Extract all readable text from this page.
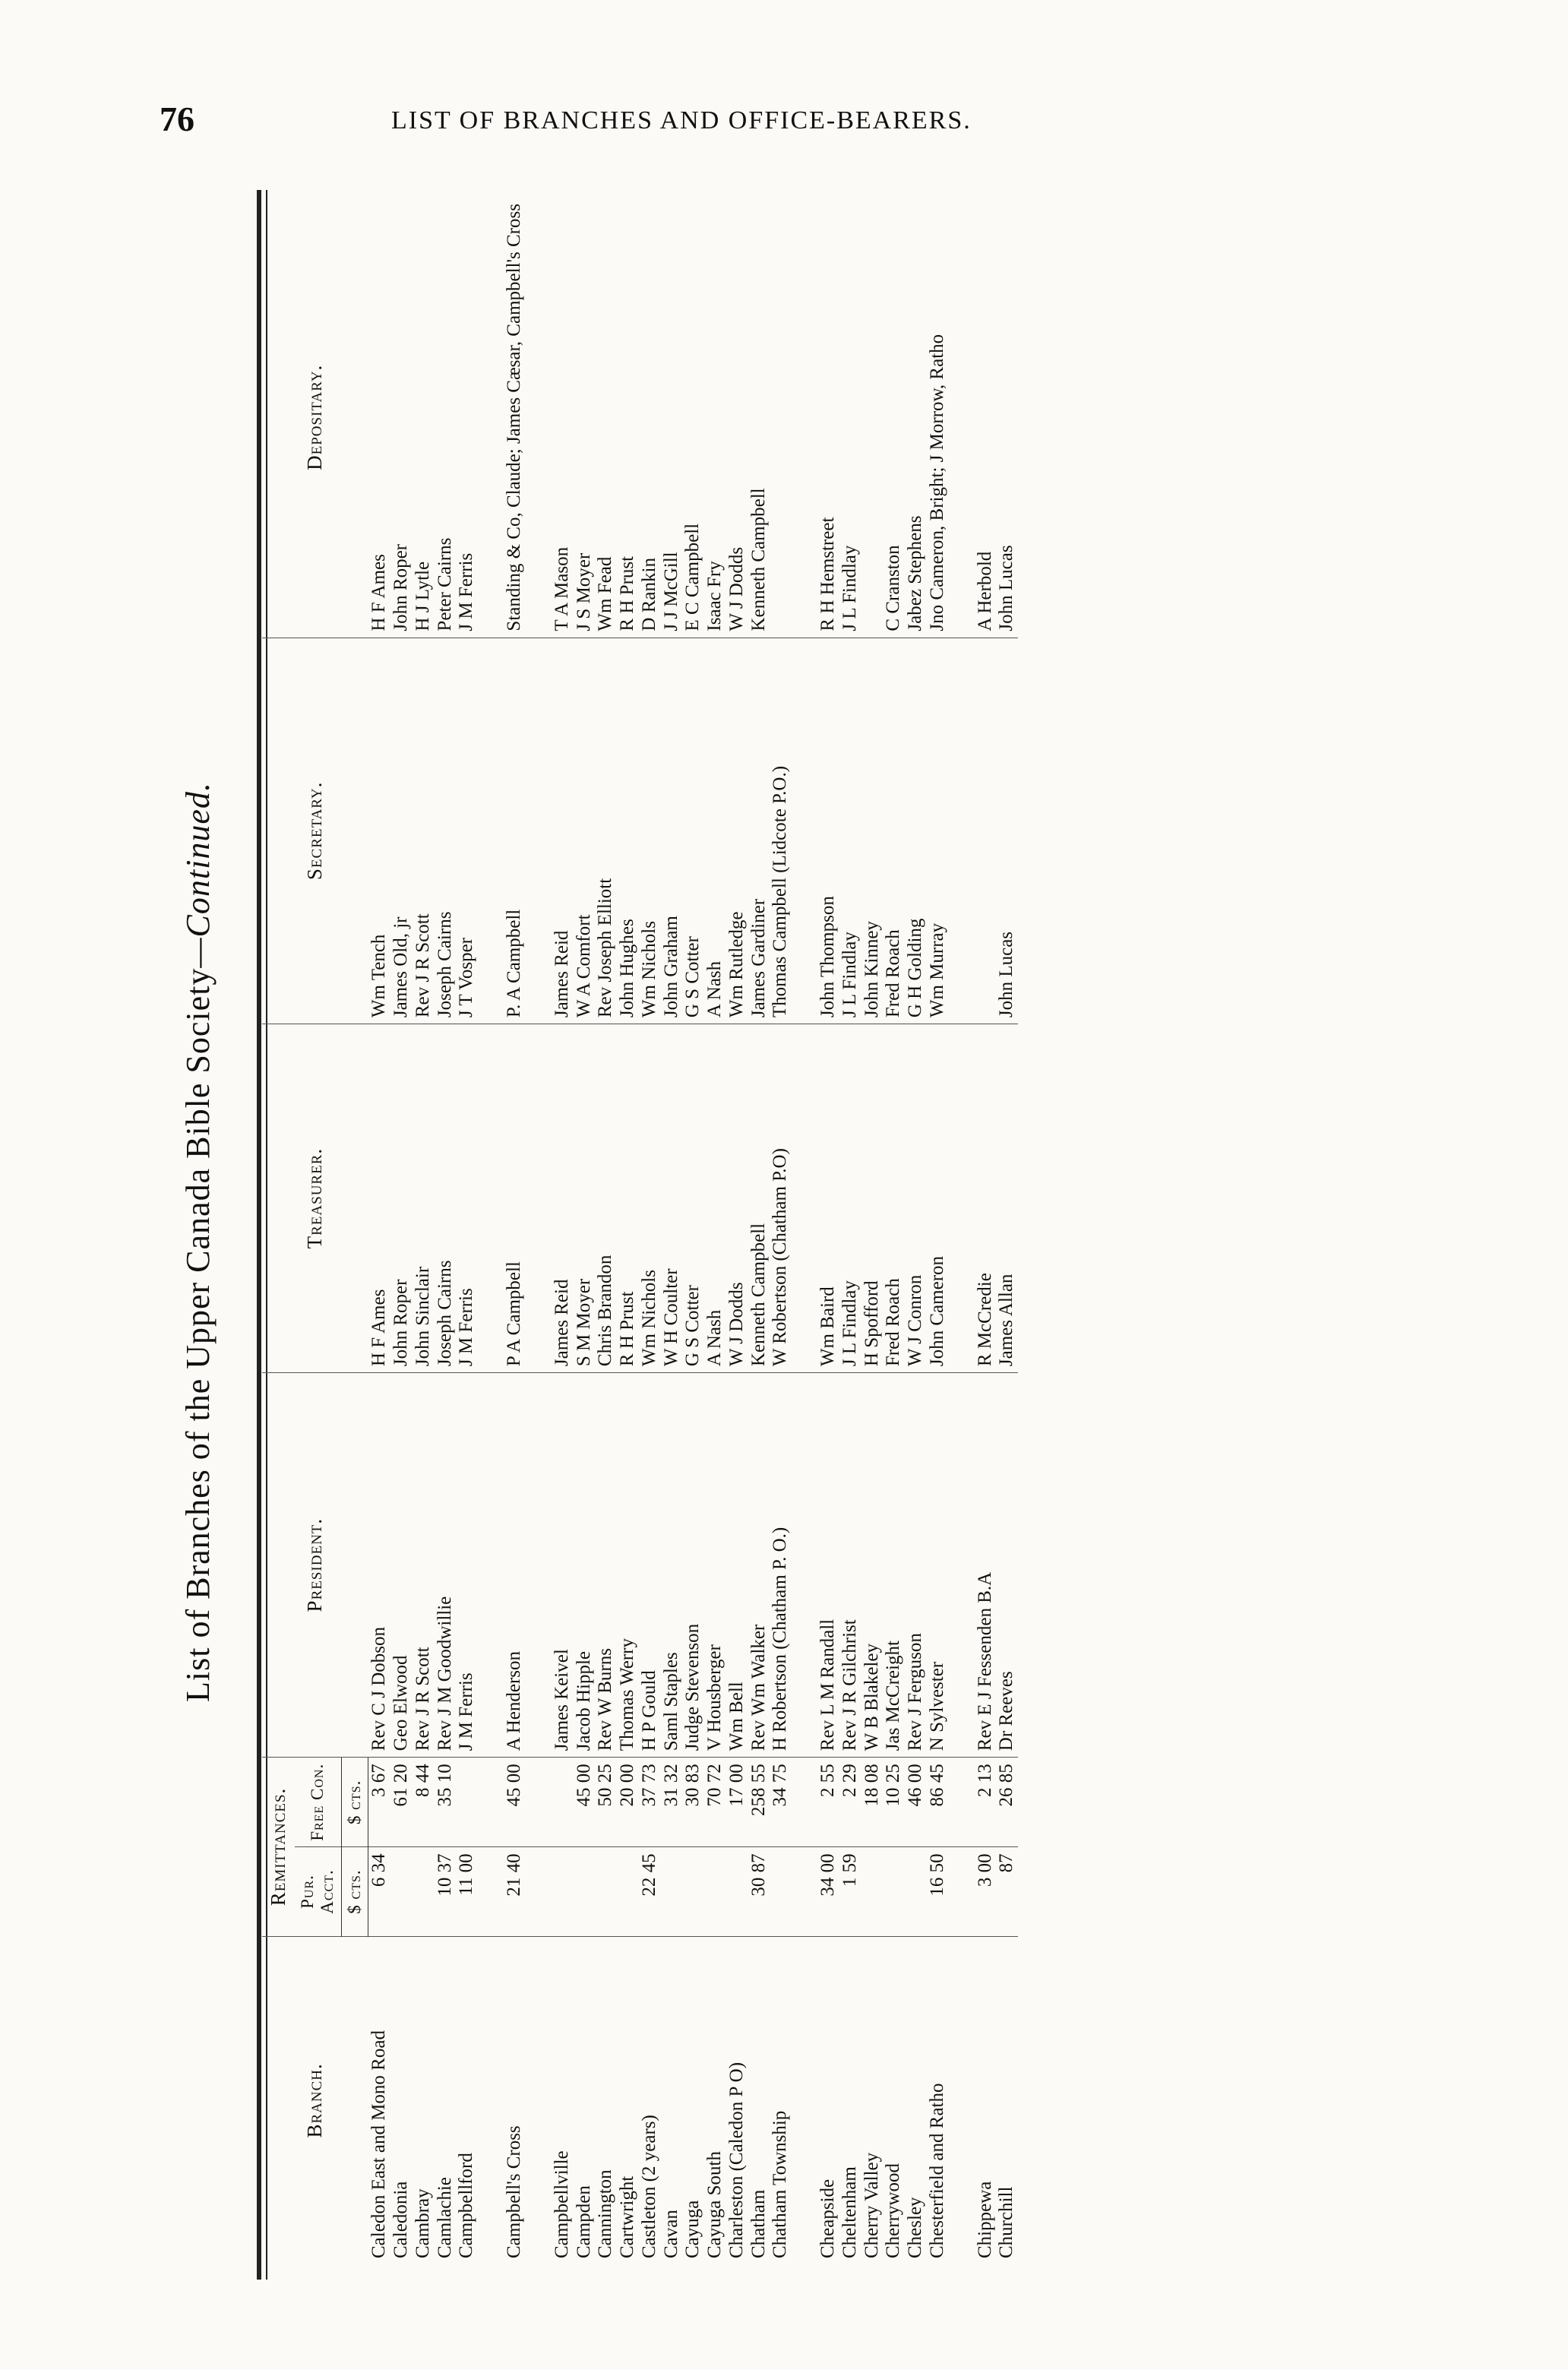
76	LIST OF BRANCHES AND OFFICE-BEARERS.
List of Branches of the Upper Canada Bible Society—Continued.
Branch.	Remittances.		President.	Treasurer.	Secretary.	Depositary.
	Pur. Acct.	Free Con.				
	$ cts.	$ cts.				
Caledon East and Mono Road	6 34	3 67	Rev C J Dobson	H F Ames	Wm Tench	H F Ames
Caledonia		61 20	Geo Elwood	John Roper	James Old, jr	John Roper
Cambray		8 44	Rev J R Scott	John Sinclair	Rev J R Scott	H J Lytle
Camlachie	10 37	35 10	Rev J M Goodwillie	Joseph Cairns	Joseph Cairns	Peter Cairns
Campbellford	11 00		J M Ferris	J M Ferris	J T Vosper	J M Ferris

Campbell's Cross	21 40	45 00	A Henderson	P A Campbell	P. A Campbell	Standing & Co, Claude; James Cæsar, Campbell's Cross

Campbellville			James Keivel	James Reid	James Reid	T A Mason
Campden		45 00	Jacob Hipple	S M Moyer	W A Comfort	J S Moyer
Cannington		50 25	Rev W Burns	Chris Brandon	Rev Joseph Elliott	Wm Fead
Cartwright		20 00	Thomas Werry	R H Prust	John Hughes	R H Prust
Castleton (2 years)	22 45	37 73	H P Gould	Wm Nichols	Wm Nichols	D Rankin
Cavan		31 32	Saml Staples	W H Coulter	John Graham	J J McGill
Cayuga		30 83	Judge Stevenson	G S Cotter	G S Cotter	E C Campbell
Cayuga South		70 72	V Housberger	A Nash	A Nash	Isaac Fry
Charleston (Caledon P O)		17 00	Wm Bell	W J Dodds	Wm Rutledge	W J Dodds
Chatham	30 87	258 55	Rev Wm Walker	Kenneth Campbell	James Gardiner	Kenneth Campbell
Chatham Township		34 75	H Robertson (Chatham P. O.)	W Robertson (Chatham P.O)	Thomas Campbell (Lidcote P.O.)	

Cheapside	34 00	2 55	Rev L M Randall	Wm Baird	John Thompson	R H Hemstreet
Cheltenham	1 59	2 29	Rev J R Gilchrist	J L Findlay	J L Findlay	J L Findlay
Cherry Valley		18 08	W B Blakeley	H Spofford	John Kinney	
Cherrywood		10 25	Jas McCreight	Fred Roach	Fred Roach	C Cranston
Chesley		46 00	Rev J Ferguson	W J Conron	G H Golding	Jabez Stephens
Chesterfield and Ratho	16 50	86 45	N Sylvester	John Cameron	Wm Murray	Jno Cameron, Bright; J Morrow, Ratho

Chippewa	3 00	2 13	Rev E J Fessenden B.A	R McCredie		A Herbold
Churchill	87	26 85	Dr Reeves	James Allan	John Lucas	John Lucas
